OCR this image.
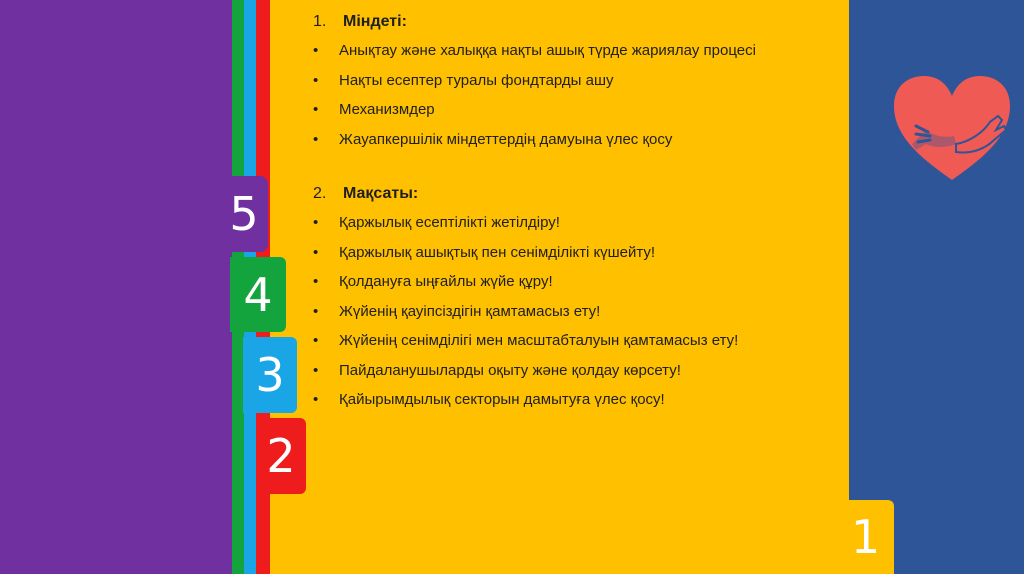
5
4
3
2
1
1. Міндеті:
• Анықтау және халыққа нақты ашық түрде жариялау процесі
• Нақты есептер туралы фондтарды ашу
• Механизмдер
• Жауапкершілік міндеттердің дамуына үлес қосу
2. Мақсаты:
• Қаржылық есептілікті жетілдіру!
• Қаржылық ашықтық пен сенімділікті күшейту!
• Қолдануға ыңғайлы жүйе құру!
• Жүйенің қауіпсіздігін қамтамасыз ету!
• Жүйенің сенімділігі мен масштабталуын қамтамасыз ету!
• Пайдаланушыларды оқыту және қолдау көрсету!
• Қайырымдылық секторын дамытуға үлес қосу!
